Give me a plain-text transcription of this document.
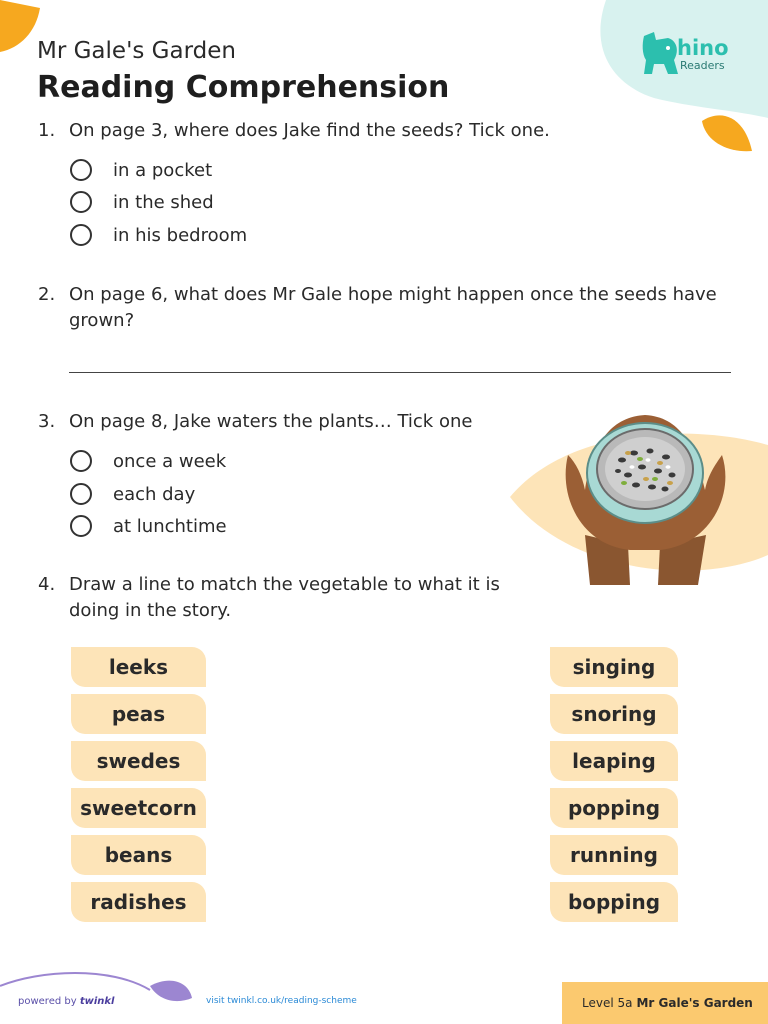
hino
Readers
Mr Gale's Garden
Reading Comprehension
1. On page 3, where does Jake find the seeds? Tick one.
in a pocket
in the shed
in his bedroom
2. On page 6, what does Mr Gale hope might happen once the seeds have
grown?
3. On page 8, Jake waters the plants… Tick one
once a week
each day
at lunchtime
4. Draw a line to match the vegetable to what it is
doing in the story.
leeks
peas
swedes
sweetcorn
beans
radishes
singing
snoring
leaping
popping
running
bopping
powered by twinkl	visit twinkl.co.uk/reading-scheme	Level 5a Mr Gale's Garden
